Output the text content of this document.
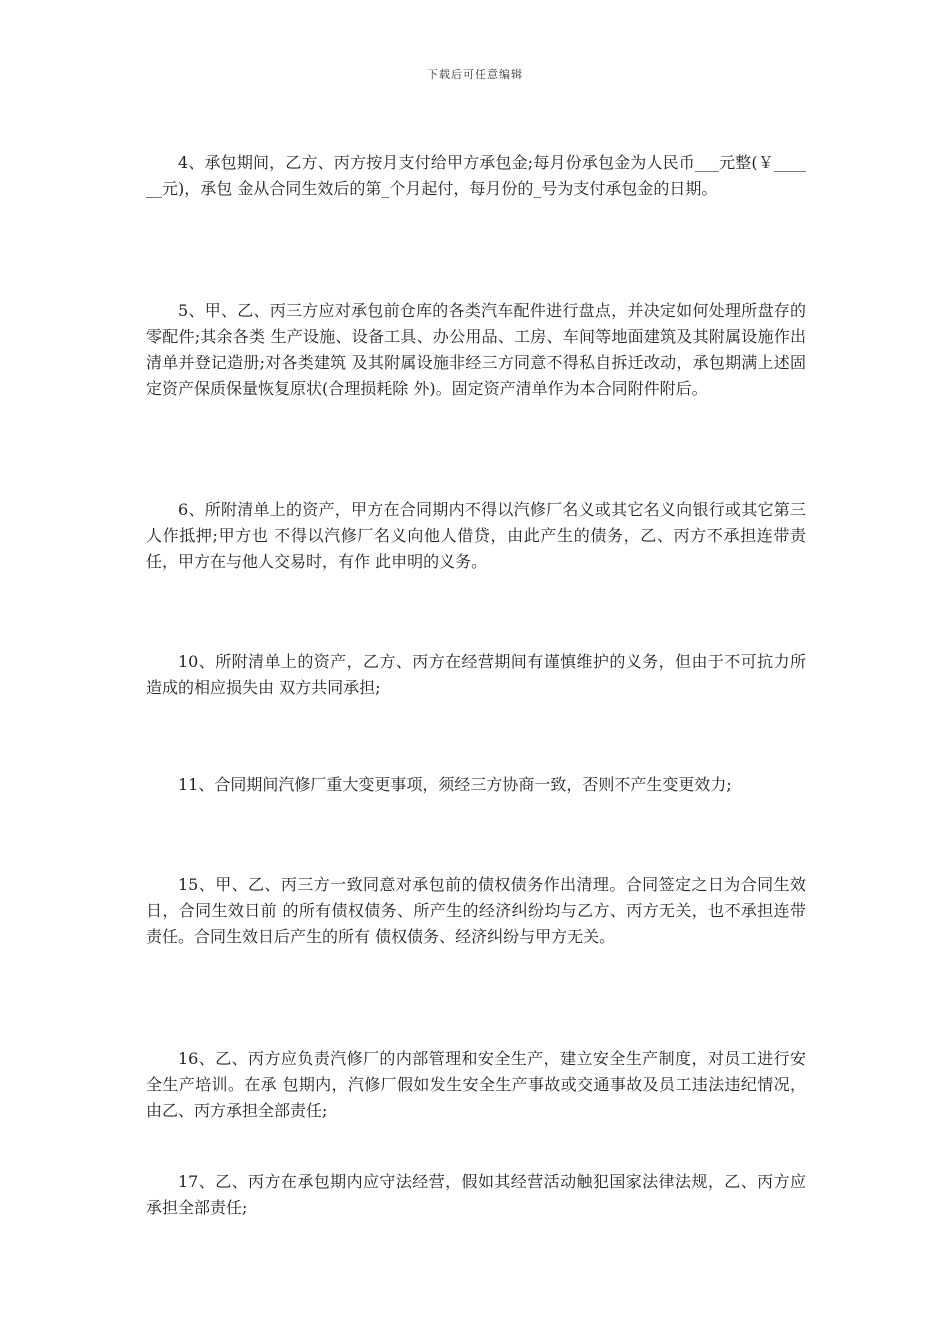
下载后可任意编辑

4、承包期间，乙方、丙方按月支付给甲方承包金;每月份承包金为人民币___元整(￥______元)，承包 金从合同生效后的第_个月起付，每月份的_号为支付承包金的日期。

5、甲、乙、丙三方应对承包前仓库的各类汽车配件进行盘点，并决定如何处理所盘存的零配件;其余各类 生产设施、设备工具、办公用品、工房、车间等地面建筑及其附属设施作出清单并登记造册;对各类建筑 及其附属设施非经三方同意不得私自拆迁改动，承包期满上述固定资产保质保量恢复原状(合理损耗除 外)。固定资产清单作为本合同附件附后。

6、所附清单上的资产，甲方在合同期内不得以汽修厂名义或其它名义向银行或其它第三人作抵押;甲方也 不得以汽修厂名义向他人借贷，由此产生的债务，乙、丙方不承担连带责任，甲方在与他人交易时，有作 此申明的义务。

10、所附清单上的资产，乙方、丙方在经营期间有谨慎维护的义务，但由于不可抗力所造成的相应损失由 双方共同承担;

11、合同期间汽修厂重大变更事项，须经三方协商一致，否则不产生变更效力;

15、甲、乙、丙三方一致同意对承包前的债权债务作出清理。合同签定之日为合同生效日，合同生效日前 的所有债权债务、所产生的经济纠纷均与乙方、丙方无关，也不承担连带责任。合同生效日后产生的所有 债权债务、经济纠纷与甲方无关。

16、乙、丙方应负责汽修厂的内部管理和安全生产，建立安全生产制度，对员工进行安全生产培训。在承 包期内，汽修厂假如发生安全生产事故或交通事故及员工违法违纪情况，由乙、丙方承担全部责任;

17、乙、丙方在承包期内应守法经营，假如其经营活动触犯国家法律法规，乙、丙方应承担全部责任;
